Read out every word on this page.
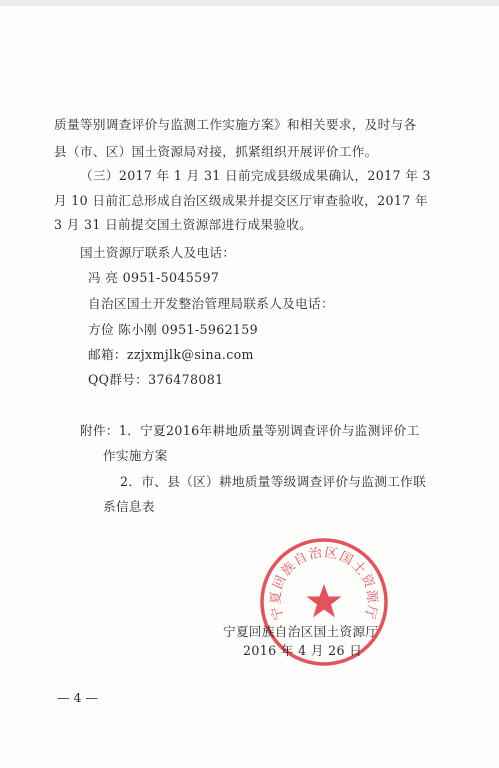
质量等别调查评价与监测工作实施方案》和相关要求，及时与各
县（市、区）国土资源局对接，抓紧组织开展评价工作。
（三）2017 年 1 月 31 日前完成县级成果确认，2017 年 3
月 10 日前汇总形成自治区级成果并提交区厅审查验收，2017 年
3 月 31 日前提交国土资源部进行成果验收。
国土资源厅联系人及电话：
冯 亮 0951-5045597
自治区国土开发整治管理局联系人及电话：
方俭 陈小刚 0951-5962159
邮箱：zzjxmjlk@sina.com
QQ群号：376478081
附件：1．宁夏2016年耕地质量等别调查评价与监测评价工
作实施方案
2．市、县（区）耕地质量等级调查评价与监测工作联
系信息表
宁夏回族自治区国土资源厅
宁夏回族自治区国土资源厅
2016 年 4 月 26 日
— 4 —
